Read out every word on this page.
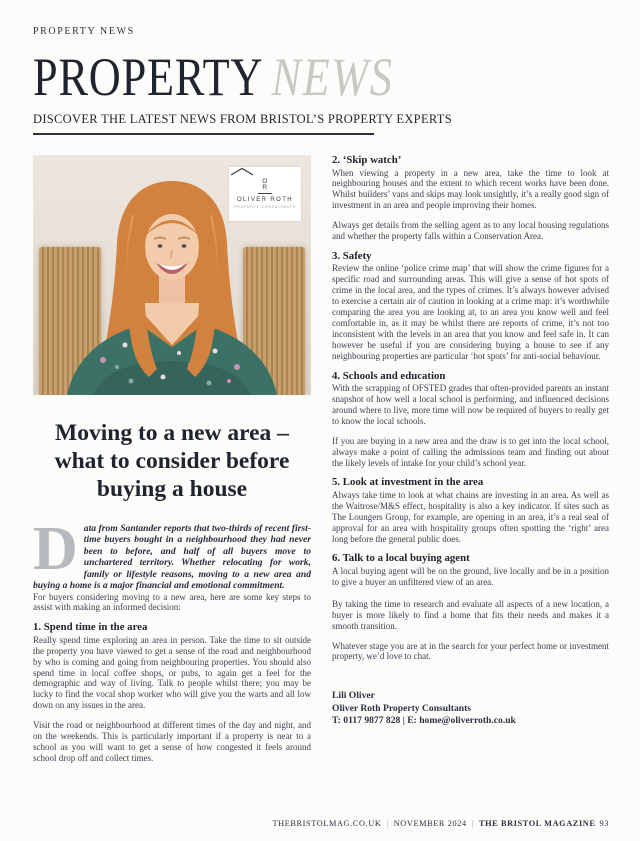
PROPERTY NEWS
PROPERTY NEWS
DISCOVER THE LATEST NEWS FROM BRISTOL’S PROPERTY EXPERTS
O
R
OLIVER ROTH
PROPERTY CONSULTANTS
Moving to a new area – what to consider before buying a house
Data from Santander reports that two-thirds of recent first-time buyers bought in a neighbourhood they had never been to before, and half of all buyers move to unchartered territory. Whether relocating for work, family or lifestyle reasons, moving to a new area and buying a home is a major financial and emotional commitment.

For buyers considering moving to a new area, here are some key steps to assist with making an informed decision:

1. Spend time in the area

Really spend time exploring an area in person. Take the time to sit outside the property you have viewed to get a sense of the road and neighbourhood by who is coming and going from neighbouring properties. You should also spend time in local coffee shops, or pubs, to again get a feel for the demographic and way of living. Talk to people whilst there; you may be lucky to find the vocal shop worker who will give you the warts and all low down on any issues in the area.

Visit the road or neighbourhood at different times of the day and night, and on the weekends. This is particularly important if a property is near to a school as you will want to get a sense of how congested it feels around school drop off and collect times.

2. ‘Skip watch’

When viewing a property in a new area, take the time to look at neighbouring houses and the extent to which recent works have been done. Whilst builders’ vans and skips may look unsightly, it’s a really good sign of investment in an area and people improving their homes.

Always get details from the selling agent as to any local housing regulations and whether the property falls within a Conservation Area.

3. Safety

Review the online ‘police crime map’ that will show the crime figures for a specific road and surrounding areas. This will give a sense of hot spots of crime in the local area, and the types of crimes. It’s always however advised to exercise a certain air of caution in looking at a crime map: it’s worthwhile comparing the area you are looking at, to an area you know well and feel comfortable in, as it may be whilst there are reports of crime, it’s not too inconsistent with the levels in an area that you know and feel safe in. It can however be useful if you are considering buying a house to see if any neighbouring properties are particular ‘hot spots’ for anti-social behaviour.

4. Schools and education

With the scrapping of OFSTED grades that often-provided parents an instant snapshot of how well a local school is performing, and influenced decisions around where to live, more time will now be required of buyers to really get to know the local schools.

If you are buying in a new area and the draw is to get into the local school, always make a point of calling the admissions team and finding out about the likely levels of intake for your child’s school year.

5. Look at investment in the area

Always take time to look at what chains are investing in an area. As well as the Waitrose/M&S effect, hospitality is also a key indicator. If sites such as The Loungers Group, for example, are opening in an area, it’s a real seal of approval for an area with hospitality groups often spotting the ‘right’ area long before the general public does.

6. Talk to a local buying agent

A local buying agent will be on the ground, live locally and be in a position to give a buyer an unfiltered view of an area.

By taking the time to research and evaluate all aspects of a new location, a buyer is more likely to find a home that fits their needs and makes it a smooth transition.

Whatever stage you are at in the search for your perfect home or investment property, we’d love to chat.

Lili Oliver
Oliver Roth Property Consultants
T: 0117 9877 828 | E: home@oliverroth.co.uk
THEBRISTOLMAG.CO.UK | NOVEMBER 2024 | THE BRISTOL MAGAZINE 93
